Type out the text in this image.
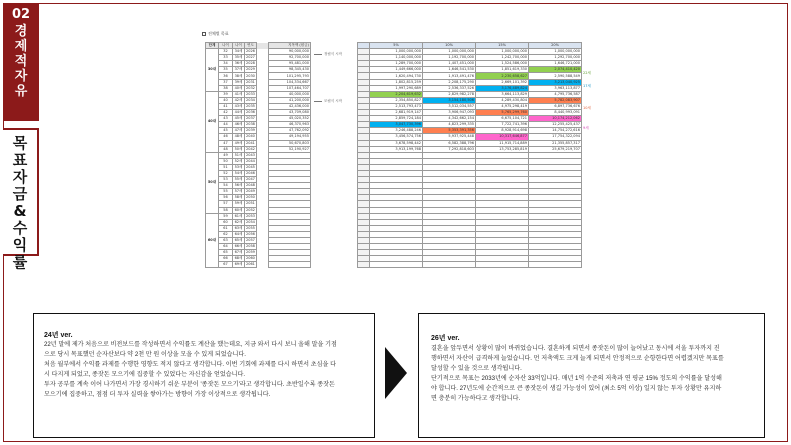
02
경
제
적
자
유
목
표
자
금
&
수
익
률
전체별 목표
단계	나이	나이	연도		지목액 (원금)
30대	32	34세	2026		90,000,000
	33	35세	2027		92,700,000
	34	36세	2028		95,481,000
	35	37세	2029		98,345,430
	36	38세	2030		101,295,793
	37	39세	2031		104,334,667
	38	40세	2032		107,464,707
40대	39	41세	2033		40,000,000
	40	42세	2034		41,200,000
	41	43세	2035		42,436,000
	42	44세	2036		43,709,080
	43	45세	2037		45,020,352
	44	46세	2038		46,370,963
	45	47세	2039		47,762,092
	46	48세	2040		49,194,955
	47	49세	2041		50,670,803
	48	50세	2042		52,190,927
50대	49	51세	2043		
	50	52세	2044		
	51	53세	2045		
	52	54세	2046		
	53	55세	2047		
	54	56세	2048		
	55	57세	2049		
	56	58세	2050		
	57	59세	2051		
	58	60세	2052		
60대	59	61세	2053		
	60	62세	2054		
	61	63세	2055		
	62	64세	2056		
	63	65세	2057		
	64	66세	2058		
	65	67세	2059		
	66	68세	2060		
	67	69세	2061		
정립식 시작
모립식 시작
	5%	10%	15%	20%
	1,000,000,000	1,000,000,000	1,000,000,000	1,000,000,000
	1,140,000,000	1,192,700,000	1,242,700,000	1,292,700,000
	1,289,700,000	1,407,451,000	1,524,586,000	1,646,721,000
	1,449,666,000	1,646,541,530	1,851,619,330	2,074,410,420
	1,620,494,730	1,913,491,476	2,230,658,627	2,590,588,549
	1,802,815,259	2,208,175,290	2,669,101,392	3,213,040,925
	1,997,290,689	2,536,337,526	3,176,489,824	3,963,113,877
	2,204,619,632	2,829,982,278	3,664,113,829	4,795,736,587
	2,354,850,827	3,154,180,506	4,289,430,804	5,782,083,907
	2,513,793,473	3,512,034,557	4,975,298,419	6,897,736,676
	2,681,919,147	3,906,947,093	5,765,299,760	8,440,993,091
	2,859,724,184	4,342,662,154	6,675,104,721	10,174,212,062
	3,047,730,396	4,823,299,335	7,722,741,396	12,255,425,437
	3,246,488,246	5,353,391,356	8,928,914,698	14,754,272,616
	3,456,574,756	5,937,925,448	10,317,646,877	17,754,322,094
	3,678,598,442	6,582,388,796	11,915,714,889	21,355,857,317
	3,913,199,768	7,292,818,603	13,753,285,819	25,679,219,707

22세
17세
10세
9세
24년 ver.

22년 말에 제가 처음으로 비전보드를 작성하면서 수익률도 계산을 했는데요, 지금 와서 다시 보니 올해 말을 기점

으로 당시 목표했던 순자산보다 약 2천 만 원 이상을 모을 수 있게 되었습니다.

처음 월부에서 수익률 과제를 수행한 영향도 적지 않다고 생각합니다. 이번 기회에 과제를 다시 하면서 초심을 다

시 다지게 되었고, 종잣돈 모으기에 집중할 수 있었다는 자신감을 얻었습니다.

투자 공부를 계속 이어 나가면서 가장 경시하기 쉬운 부분이 '종잣돈 모으기'라고 생각합니다. 초반일수록 종잣돈

모으기에 집중하고, 점점 더 투자 실력을 쌓아가는 방향이 가장 이상적으로 생각됩니다.

26년 ver.

결혼을 앞두면서 상황이 많이 바뀌었습니다. 결혼하게 되면서 종잣돈이 많이 늘어났고 동시에 서울 투자까지 진

행하면서 자산이 급격하게 늘었습니다. 먼 저축액도 크게 늘게 되면서 안정적으로 순항한다면 어렵겠지만 목표를

달성할 수 있을 것으로 생각됩니다.

단기적으로 목표는 2033년에 순자산 33억입니다. 매년 1억 수준의 저축과 연 평균 15% 정도의 수익률을 달성해

야 합니다. 27년도에 순간적으로 큰 종잣돈이 생길 가능성이 있어 (최소 5억 이상) 일지 않는 투자 상황만 유지하

면 충분히 가능하다고 생각합니다.
